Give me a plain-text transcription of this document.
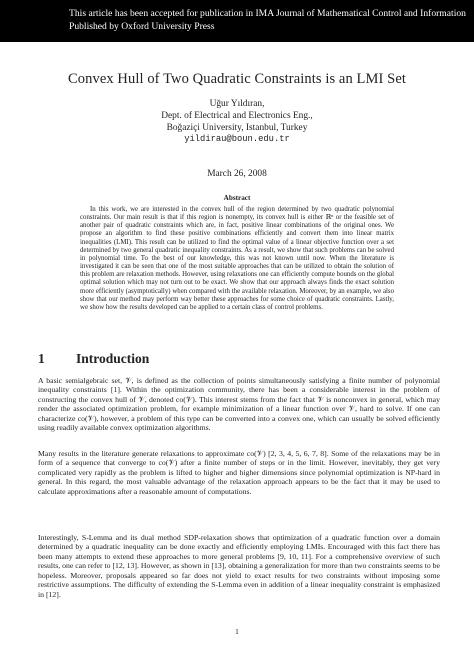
This article has been accepted for publication in IMA Journal of Mathematical Control and Information
Published by Oxford University Press
Convex Hull of Two Quadratic Constraints is an LMI Set
Uğur Yıldıran,
Dept. of Electrical and Electronics Eng.,
Boğaziçi University, Istanbul, Turkey
yildirau@boun.edu.tr
March 26, 2008
Abstract
In this work, we are interested in the convex hull of the region determined by two quadratic polynomial constraints. Our main result is that if this region is nonempty, its convex hull is either ℝⁿ or the feasible set of another pair of quadratic constraints which are, in fact, positive linear combinations of the original ones. We propose an algorithm to find these positive combinations efficiently and convert them into linear matrix inequalities (LMI). This result can be utilized to find the optimal value of a linear objective function over a set determined by two general quadratic inequality constraints. As a result, we show that such problems can be solved in polynomial time. To the best of our knowledge, this was not known until now. When the literature is investigated it can be seen that one of the most suitable approaches that can be utilized to obtain the solution of this problem are relaxation methods. However, using relaxations one can efficiently compute bounds on the global optimal solution which may not turn out to be exact. We show that our approach always finds the exact solution more efficiently (asymptotically) when compared with the available relaxation. Moreover, by an example, we also show that our method may perform way better these approaches for some choice of quadratic constraints. Lastly, we show how the results developed can be applied to a certain class of control problems.
1 Introduction
A basic semialgebraic set, 𝒱, is defined as the collection of points simultaneously satisfying a finite number of polynomial inequality constraints [1]. Within the optimization community, there has been a considerable interest in the problem of constructing the convex hull of 𝒱, denoted co(𝒱). This interest stems from the fact that 𝒱 is nonconvex in general, which may render the associated optimization problem, for example minimization of a linear function over 𝒱, hard to solve. If one can characterize co(𝒱), however, a problem of this type can be converted into a convex one, which can usually be solved efficiently using readily available convex optimization algorithms.
Many results in the literature generate relaxations to approximate co(𝒱) [2, 3, 4, 5, 6, 7, 8]. Some of the relaxations may be in form of a sequence that converge to co(𝒱) after a finite number of steps or in the limit. However, inevitably, they get very complicated very rapidly as the problem is lifted to higher and higher dimensions since polynomial optimization is NP-hard in general. In this regard, the most valuable advantage of the relaxation approach appears to be the fact that it may be used to calculate approximations after a reasonable amount of computations.
Interestingly, S-Lemma and its dual method SDP-relaxation shows that optimization of a quadratic function over a domain determined by a quadratic inequality can be done exactly and efficiently employing LMIs. Encouraged with this fact there has been many attempts to extend these approaches to more general problems [9, 10, 11]. For a comprehensive overview of such results, one can refer to [12, 13]. However, as shown in [13], obtaining a generalization for more than two constraints seems to be hopeless. Moreover, proposals appeared so far does not yield to exact results for two constraints without imposing some restrictive assumptions. The difficulty of extending the S-Lemma even in addition of a linear inequality constraint is emphasized in [12].
1
